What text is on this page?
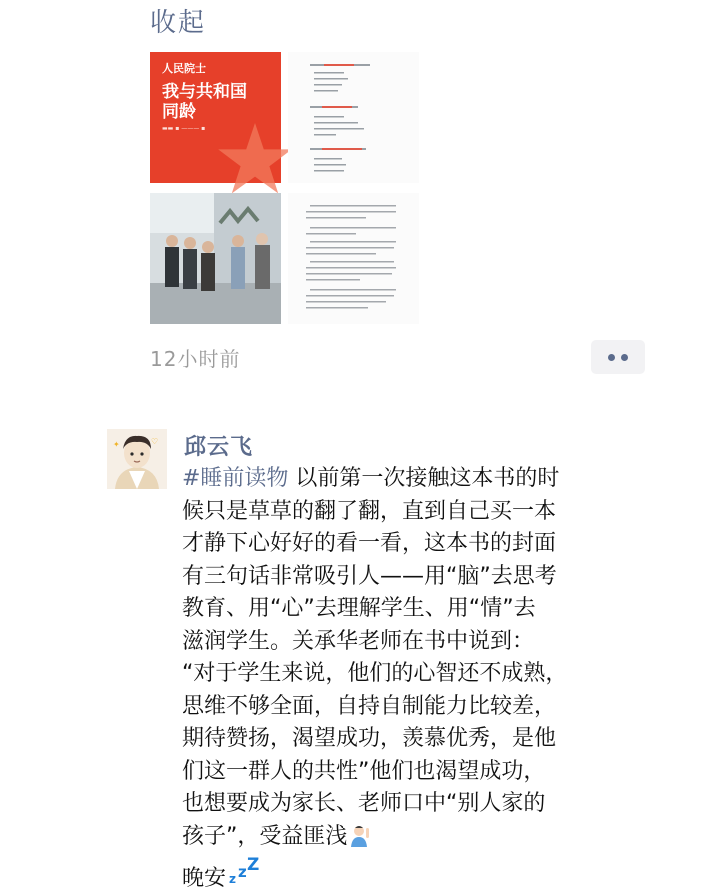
收起
人民院士
我与共和国
同龄
▬▬ ▪ ——— ▪
12小时前
♡
✦	邱云飞
#睡前读物 以前第一次接触这本书的时
候只是草草的翻了翻，直到自己买一本
才静下心好好的看一看，这本书的封面
有三句话非常吸引人——用“脑”去思考
教育、用“心”去理解学生、用“情”去
滋润学生。关承华老师在书中说到：
“对于学生来说，他们的心智还不成熟，
思维不够全面，自持自制能力比较差，
期待赞扬，渴望成功，羡慕优秀，是他
们这一群人的共性”他们也渴望成功，
也想要成为家长、老师口中“别人家的
孩子”，受益匪浅
晚安 z z Z
